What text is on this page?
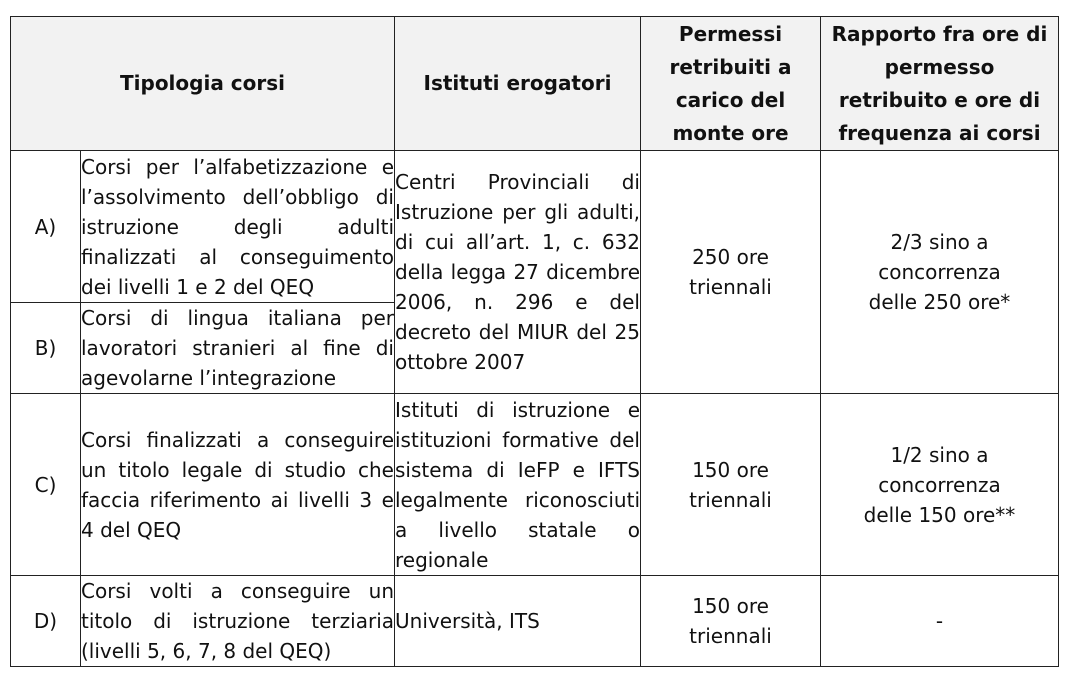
Tipologia corsi		Istituti erogatori	Permessi retribuiti a carico del monte ore	Rapporto fra ore di permesso retribuito e ore di frequenza ai corsi
A)	Corsi per l’alfabetizzazione e l’assolvimento dell’obbligo di istruzione degli adulti finalizzati al conseguimento dei livelli 1 e 2 del QEQ	Centri Provinciali di Istruzione per gli adulti, di cui all’art. 1, c. 632 della legga 27 dicembre 2006, n. 296 e del decreto del MIUR del 25 ottobre 2007	250 ore triennali	2/3 sino a concorrenza delle 250 ore*
B)	Corsi di lingua italiana per lavoratori stranieri al fine di agevolarne l’integrazione			
C)	Corsi finalizzati a conseguire un titolo legale di studio che faccia riferimento ai livelli 3 e 4 del QEQ	Istituti di istruzione e istituzioni formative del sistema di IeFP e IFTS legalmente riconosciuti a livello statale o regionale	150 ore triennali	1/2 sino a concorrenza delle 150 ore**
D)	Corsi volti a conseguire un titolo di istruzione terziaria (livelli 5, 6, 7, 8 del QEQ)	Università, ITS	150 ore triennali	-
